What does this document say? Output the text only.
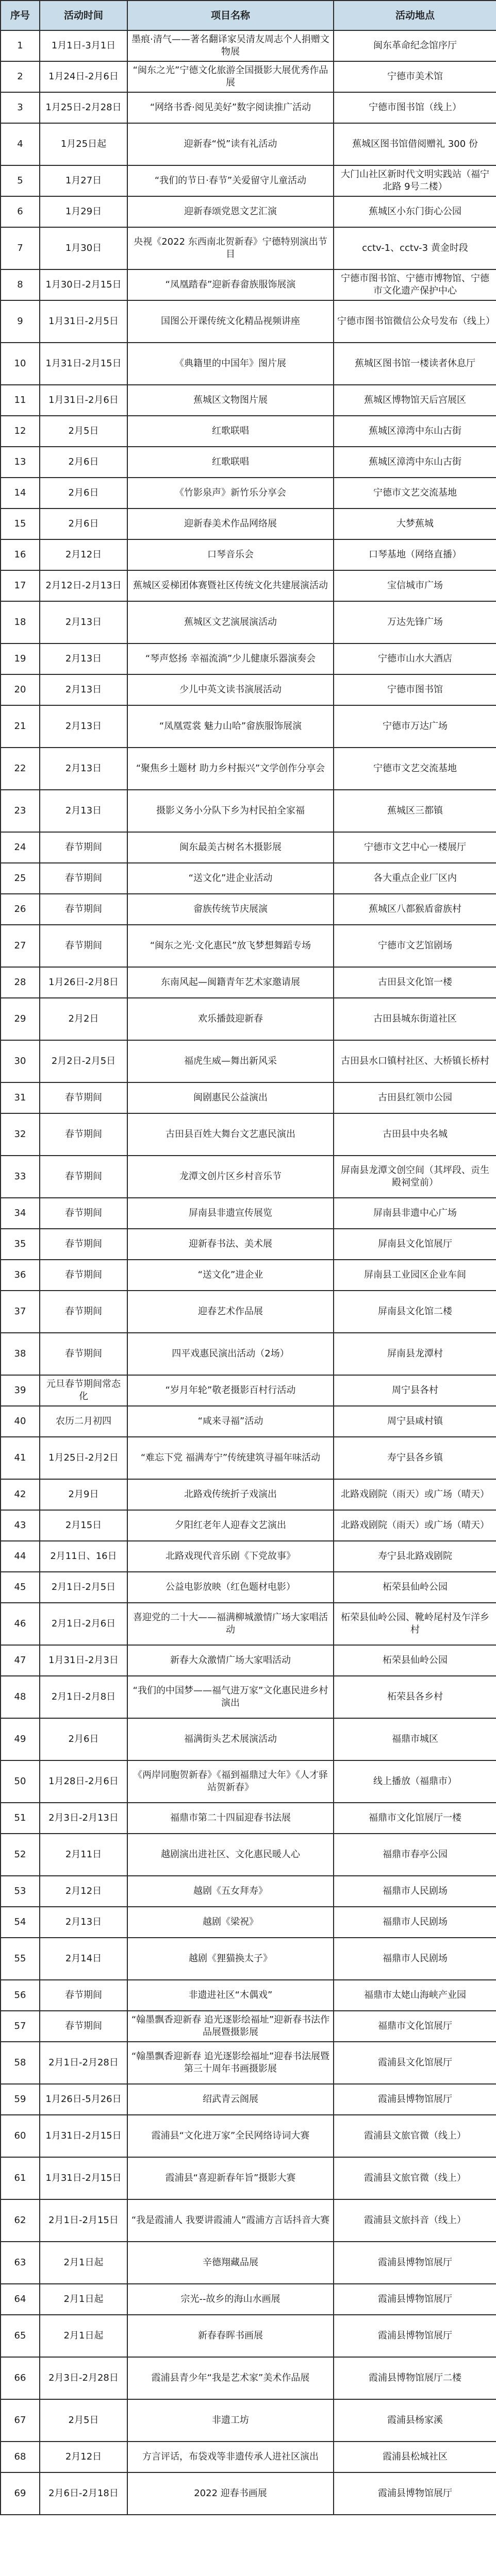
序号	活动时间	项目名称	活动地点
1	1月1日-3月1日	墨痕·清气——著名翻译家吴清友周志个人捐赠文物展	闽东革命纪念馆序厅
2	1月24日-2月6日	“闽东之光”宁德文化旅游全国摄影大展优秀作品展	宁德市美术馆
3	1月25日-2月28日	“网络书香·阅见美好”数字阅读推广活动	宁德市图书馆（线上）
4	1月25日起	迎新春“悦”读有礼活动	蕉城区图书馆借阅赠礼 300 份
5	1月27日	“我们的节日·春节”关爱留守儿童活动	大门山社区新时代文明实践站（福宁北路 9号二楼）
6	1月29日	迎新春颂党恩文艺汇演	蕉城区小东门街心公园
7	1月30日	央视《2022 东西南北贺新春》宁德特别演出节目	cctv-1、cctv-3 黄金时段
8	1月30日-2月15日	“凤凰踏春”迎新春畲族服饰展演	宁德市图书馆、宁德市博物馆、宁德市文化遗产保护中心
9	1月31日-2月5日	国图公开课传统文化精品视频讲座	宁德市图书馆微信公众号发布（线上）
10	1月31日-2月15日	《典籍里的中国年》图片展	蕉城区图书馆一楼读者休息厅
11	1月31日-2月6日	蕉城区文物图片展	蕉城区博物馆天后宫展区
12	2月5日	红歌联唱	蕉城区漳湾中东山古街
13	2月6日	红歌联唱	蕉城区漳湾中东山古街
14	2月6日	《竹影泉声》新竹乐分享会	宁德市文艺交流基地
15	2月6日	迎新春美术作品网络展	大梦蕉城
16	2月12日	口琴音乐会	口琴基地（网络直播）
17	2月12日-2月13日	蕉城区妥梯团体赛暨社区传统文化共建展演活动	宝信城市广场
18	2月13日	蕉城区文艺演展演活动	万达先锋广场
19	2月13日	“琴声悠扬 幸福流淌”少儿健康乐器演奏会	宁德市山水大酒店
20	2月13日	少儿中英文读书演展活动	宁德市图书馆
21	2月13日	“凤凰霓裳 魅力山哈”畲族服饰展演	宁德市万达广场
22	2月13日	“聚焦乡土题材 助力乡村振兴”文学创作分享会	宁德市文艺交流基地
23	2月13日	摄影义务小分队下乡为村民拍全家福	蕉城区三都镇
24	春节期间	闽东最美古树名木摄影展	宁德市文艺中心一楼展厅
25	春节期间	“送文化”进企业活动	各大重点企业厂区内
26	春节期间	畲族传统节庆展演	蕉城区八都猴盾畲族村
27	春节期间	“闽东之光·文化惠民”放飞梦想舞蹈专场	宁德市文艺馆剧场
28	1月26日-2月8日	东南风起—闽籍青年艺术家邀请展	古田县文化馆一楼
29	2月2日	欢乐播鼓迎新春	古田县城东街道社区
30	2月2日-2月5日	福虎生威—舞出新风采	古田县水口镇村社区、大桥镇长桥村
31	春节期间	闽剧惠民公益演出	古田县红领巾公园
32	春节期间	古田县百姓大舞台文艺惠民演出	古田县中央名城
33	春节期间	龙潭文创片区乡村音乐节	屏南县龙潭文创空间（其坪段、贡生殿祠堂前）
34	春节期间	屏南县非遗宣传展览	屏南县非遗中心广场
35	春节期间	迎新春书法、美术展	屏南县文化馆展厅
36	春节期间	“送文化”进企业	屏南县工业园区企业车间
37	春节期间	迎春艺术作品展	屏南县文化馆二楼
38	春节期间	四平戏惠民演出活动（2场）	屏南县龙潭村
39	元旦春节期间常态化	“岁月年轮”敬老摄影百村行活动	周宁县各村
40	农历二月初四	“咸来寻福”活动	周宁县咸村镇
41	1月25日-2月2日	“难忘下党 福满寿宁”传统建筑寻福年味活动	寿宁县各乡镇
42	2月9日	北路戏传统折子戏演出	北路戏剧院（雨天）或广场（晴天）
43	2月15日	夕阳红老年人迎春文艺演出	北路戏剧院（雨天）或广场（晴天）
44	2月11日、16日	北路戏现代音乐剧《下党故事》	寿宁县北路戏剧院
45	2月1日-2月5日	公益电影放映（红色题材电影）	柘荣县仙岭公园
46	2月1日-2月6日	喜迎党的二十大——福满柳城激情广场大家唱活动	柘荣县仙岭公园、靴岭尾村及乍洋乡村
47	1月31日-2月3日	新春大众激情广场大家唱活动	柘荣县仙岭公园
48	2月1日-2月8日	“我们的中国梦——福气进万家”文化惠民进乡村演出	柘荣县各乡村
49	2月6日	福满街头艺术展演活动	福鼎市城区
50	1月28日-2月6日	《两岸同胞贺新春》《福到福鼎过大年》《人才驿站贺新春》	线上播放（福鼎市）
51	2月3日-2月13日	福鼎市第二十四届迎春书法展	福鼎市文化馆展厅一楼
52	2月11日	越剧演出进社区、文化惠民暖人心	福鼎市春亭公园
53	2月12日	越剧《五女拜寿》	福鼎市人民剧场
54	2月13日	越剧《梁祝》	福鼎市人民剧场
55	2月14日	越剧《狸猫换太子》	福鼎市人民剧场
56	春节期间	非遗进社区“木偶戏”	福鼎市太姥山海峡产业园
57	春节期间	“翰墨飘香迎新春 追光逐影绘福址”迎新春书法作品展暨摄影展	福鼎市文化馆展厅
58	2月1日-2月28日	“翰墨飘香迎新春 追光逐影绘福址”迎春书法展暨第三十周年书画摄影展	霞浦县文化馆展厅
59	1月26日-5月26日	绍武青云阁展	霞浦县博物馆展厅
60	1月31日-2月15日	霞浦县“文化进万家”全民网络诗词大赛	霞浦县文旅官微（线上）
61	1月31日-2月15日	霞浦县“喜迎新春年旨”摄影大赛	霞浦县文旅官微（线上）
62	2月1日-2月15日	“我是霞浦人 我要讲霞浦人”霞浦方言话抖音大赛	霞浦县文旅抖音（线上）
63	2月1日起	辛德翔藏品展	霞浦县博物馆展厅
64	2月1日起	宗光--故乡的海山水画展	霞浦县博物馆展厅
65	2月1日起	新春春晖书画展	霞浦县博物馆展厅
66	2月3日-2月28日	霞浦县青少年“我是艺术家”美术作品展	霞浦县博物馆展厅二楼
67	2月5日	非遗工坊	霞浦县杨家溪
68	2月12日	方言评话，布袋戏等非遗传承人进社区演出	霞浦县松城社区
69	2月6日-2月18日	2022 迎春书画展	霞浦县博物馆展厅
